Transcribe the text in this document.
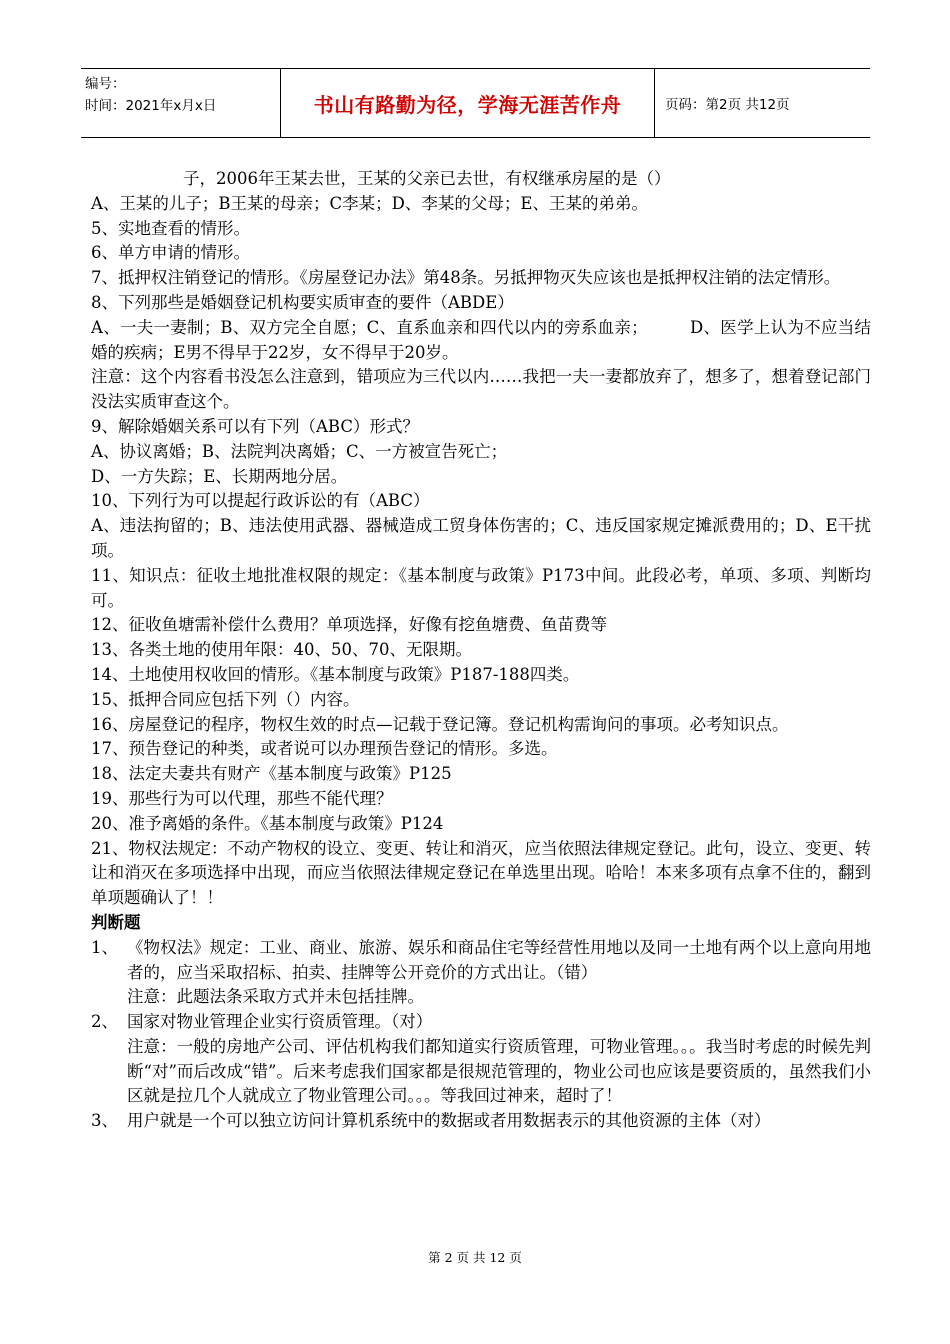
编号：
时间：2021年x月x日	书山有路勤为径，学海无涯苦作舟	页码：第2页 共12页

子，2006年王某去世，王某的父亲已去世，有权继承房屋的是（）

A、王某的儿子；B王某的母亲；C李某；D、李某的父母；E、王某的弟弟。

5、实地查看的情形。

6、单方申请的情形。

7、抵押权注销登记的情形。《房屋登记办法》第48条。另抵押物灭失应该也是抵押权注销的法定情形。

8、下列那些是婚姻登记机构要实质审查的要件（ABDE）

A、一夫一妻制；B、双方完全自愿；C、直系血亲和四代以内的旁系血亲；　　　D、医学上认为不应当结婚的疾病；E男不得早于22岁，女不得早于20岁。

注意：这个内容看书没怎么注意到，错项应为三代以内……我把一夫一妻都放弃了，想多了，想着登记部门没法实质审查这个。

9、解除婚姻关系可以有下列（ABC）形式？

A、协议离婚；B、法院判决离婚；C、一方被宣告死亡；

D、一方失踪；E、长期两地分居。

10、下列行为可以提起行政诉讼的有（ABC）

A、违法拘留的；B、违法使用武器、器械造成工贸身体伤害的；C、违反国家规定摊派费用的；D、E干扰项。

11、知识点：征收土地批准权限的规定：《基本制度与政策》P173中间。此段必考，单项、多项、判断均可。

12、征收鱼塘需补偿什么费用？单项选择，好像有挖鱼塘费、鱼苗费等

13、各类土地的使用年限：40、50、70、无限期。

14、土地使用权收回的情形。《基本制度与政策》P187-188四类。

15、抵押合同应包括下列（）内容。

16、房屋登记的程序，物权生效的时点—记载于登记簿。登记机构需询问的事项。必考知识点。

17、预告登记的种类，或者说可以办理预告登记的情形。多选。

18、法定夫妻共有财产《基本制度与政策》P125

19、那些行为可以代理，那些不能代理？

20、准予离婚的条件。《基本制度与政策》P124

21、物权法规定：不动产物权的设立、变更、转让和消灭，应当依照法律规定登记。此句，设立、变更、转让和消灭在多项选择中出现，而应当依照法律规定登记在单选里出现。哈哈！本来多项有点拿不住的，翻到单项题确认了！！

判断题

1、 《物权法》规定：工业、商业、旅游、娱乐和商品住宅等经营性用地以及同一土地有两个以上意向用地者的，应当采取招标、拍卖、挂牌等公开竞价的方式出让。（错）

注意：此题法条采取方式并未包括挂牌。

2、 国家对物业管理企业实行资质管理。（对）

注意：一般的房地产公司、评估机构我们都知道实行资质管理，可物业管理。。。我当时考虑的时候先判断“对”而后改成“错”。后来考虑我们国家都是很规范管理的，物业公司也应该是要资质的，虽然我们小区就是拉几个人就成立了物业管理公司。。。等我回过神来，超时了！

3、 用户就是一个可以独立访问计算机系统中的数据或者用数据表示的其他资源的主体（对）

第 2 页 共 12 页
